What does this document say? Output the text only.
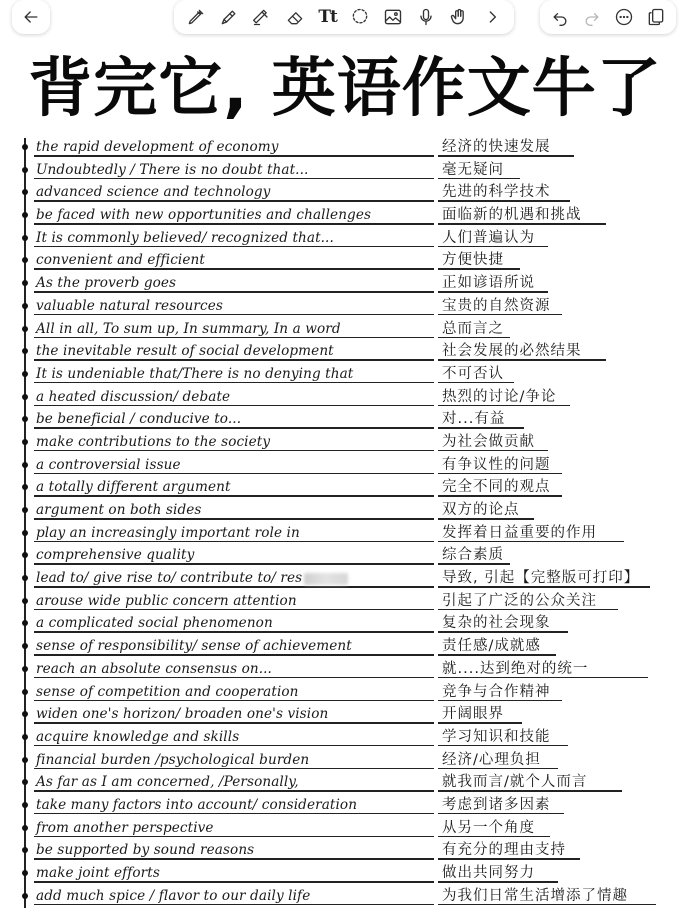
Tt
背完它, 英语作文牛了
the rapid development of economy	经济的快速发展
Undoubtedly / There is no doubt that...	毫无疑问
advanced science and technology	先进的科学技术
be faced with new opportunities and challenges	面临新的机遇和挑战
It is commonly believed/ recognized that...	人们普遍认为
convenient and efficient	方便快捷
As the proverb goes	正如谚语所说
valuable natural resources	宝贵的自然资源
All in all, To sum up, In summary, In a word	总而言之
the inevitable result of social development	社会发展的必然结果
It is undeniable that/There is no denying that	不可否认
a heated discussion/ debate	热烈的讨论/争论
be beneficial / conducive to...	对...有益
make contributions to the society	为社会做贡献
a controversial issue	有争议性的问题
a totally different argument	完全不同的观点
argument on both sides	双方的论点
play an increasingly important role in	发挥着日益重要的作用
comprehensive quality	综合素质
lead to/ give rise to/ contribute to/ res	导致, 引起【完整版可打印】
arouse wide public concern attention	引起了广泛的公众关注
a complicated social phenomenon	复杂的社会现象
sense of responsibility/ sense of achievement	责任感/成就感
reach an absolute consensus on...	就....达到绝对的统一
sense of competition and cooperation	竞争与合作精神
widen one's horizon/ broaden one's vision	开阔眼界
acquire knowledge and skills	学习知识和技能
financial burden /psychological burden	经济/心理负担
As far as I am concerned, /Personally,	就我而言/就个人而言
take many factors into account/ consideration	考虑到诸多因素
from another perspective	从另一个角度
be supported by sound reasons	有充分的理由支持
make joint efforts	做出共同努力
add much spice / flavor to our daily life	为我们日常生活增添了情趣
